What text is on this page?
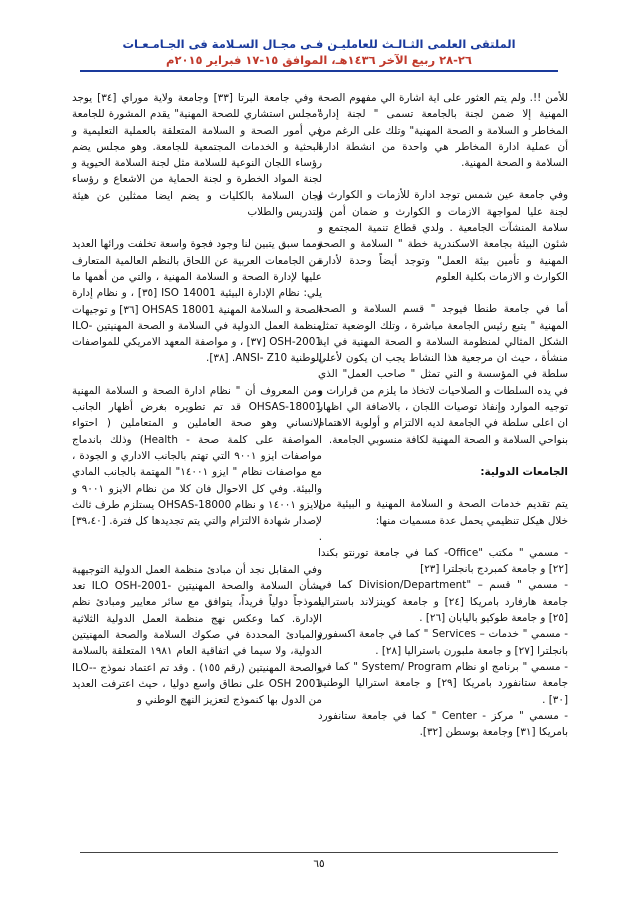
الملتقى العلمى الثـالـث للعامليـن فـى مجـال السـلامة فى الجـامـعـات
٢٦-٢٨ ربيع الآخر ١٤٣٦هـ، الموافق ١٥-١٧ فبراير ٢٠١٥م

للأمن !!. ولم يتم العثور على اية اشارة الي مفهوم الصحة المهنية إلا ضمن لجنة بالجامعة تسمى " لجنة إدارة المخاطر و السلامة و الصحة المهنية" وتلك على الرغم من أن عملية ادارة المخاطر هي واحدة من انشطة ادارة السلامة و الصحة المهنية.

وفي جامعة عين شمس توجد ادارة للأزمات و الكوارث و لجنة عليا لمواجهة الازمات و الكوارث و ضمان أمن و سلامة المنشآت الجامعية . ولدي قطاع تنمية المجتمع و شئون البيئة بجامعة الاسكندرية خطة " السلامة و الصحة المهنية و تأمين بيئة العمل" وتوجد أيضاً وحدة لأدارة الكوارث و الازمات بكلية العلوم

أما في جامعة طنطا فيوجد " قسم السلامة و الصحة المهنية " يتبع رئيس الجامعة مباشرة ، وتلك الوضعية تمثل الشكل المثالي لمنظومة السلامة و الصحة المهنية في اية منشأة ، حيث ان مرجعية هذا النشاط يجب ان يكون لأعلي سلطة في المؤسسة و التي تمثل " صاحب العمل" الذي في يده السلطات و الصلاحيات لاتخاذ ما يلزم من قرارات و توجيه الموارد وإنفاذ توصيات اللجان ، بالاضافة الي اظهار ان اعلى سلطة في الجامعة لديه الالتزام و أولوية الاهتمام بنواحي السلامة و الصحة المهنية لكافة منسوبي الجامعة.

الجامعات الدولية:

يتم تقديم خدمات الصحة و السلامة المهنية و البيئية من خلال هيكل تنظيمي يحمل عدة مسميات منها:

- مسمي " مكتب "Office- كما في جامعة تورنتو بكندا [٢٢] و جامعة كمبردج بانجلترا [٢٣]

- مسمي " قسم – "Division/Department كما في جامعة هارفارد بامريكا [٢٤] و جامعة كوينزلاند باستراليا [٢٥] و جامعة طوكيو باليابان [٢٦] .

- مسمي " خدمات – Services " كما في جامعة اكسفورد بانجلترا [٢٧] و جامعة ملبورن باستراليا [٢٨] .

- مسمي " برنامج او نظام System/ Program " كما في جامعة ستانفورد بامريكا [٢٩] و جامعة استراليا الوطنية [٣٠] .

- مسمي " مركز - Center " كما في جامعة ستانفورد بامريكا [٣١] وجامعة بوسطن [٣٢].

- وفي جامعة البرتا [٣٣] وجامعة ولاية موراي [٣٤] يوجد "مجلس استشاري للصحة المهنية" يقدم المشورة للجامعة في أمور الصحة و السلامة المتعلقة بالعملية التعليمية و البحثية و الخدمات المجتمعية للجامعة. وهو مجلس يضم رؤساء اللجان النوعية للسلامة مثل لجنة السلامة الحيوية و لجنة المواد الخطرة و لجنة الحماية من الاشعاع و رؤساء لجان السلامة بالكليات و يضم ايضا ممثلين عن هيئة التدريس والطلاب

ومما سبق يتبين لنا وجود فجوة واسعة تخلفت ورائها العديد من الجامعات العربية عن اللحاق بالنظم العالمية المتعارف عليها لإدارة الصحة و السلامة المهنية ، والتي من أهمها ما يلي: نظام الإدارة البيئية ISO 14001 [٣٥] ، و نظام إدارة الصحة و السلامة المهنية OHSAS 18001 [٣٦] و توجيهات منظمة العمل الدولية في السلامة و الصحة المهنيتين -ILO OSH-2001 [٣٧] ، و مواصفة المعهد الامريكي للمواصفات الوطنية ANSI- Z10. [٣٨].

ومن المعروف أن " نظام ادارة الصحة و السلامة المهنية OHSAS-18001 قد تم تطويره بغرض أظهار الجانب الانساني وهو صحة العاملين و المتعاملين ( احتواء المواصفة على كلمة صحة - Health) وذلك باندماج مواصفات ايزو ٩٠٠١ التي تهتم بالجانب الاداري و الجودة ، مع مواصفات نظام " ايزو ١٤٠٠١" المهتمة بالجانب المادي والبيئة. وفي كل الاحوال فان كلا من نظام الايزو ٩٠٠١ و الايزو ١٤٠٠١ و نظام 18000-OHSAS يستلزم طرف ثالث لإصدار شهادة الالتزام والتي يتم تجديدها كل فترة. [٣٩،٤٠] .

وفي المقابل نجد أن مبادئ منظمة العمل الدولية التوجيهية بشأن السلامة والصحة المهنيتين -ILO OSH-2001 تعد نموذجاً دولياً فريداً، يتوافق مع سائر معايير ومبادئ نظم الإدارة. كما وعكس نهج منظمة العمل الدولية الثلاثية والمبادئ المحددة في صكوك السلامة والصحة المهنيتين الدولية، ولا سيما في اتفاقية العام ١٩٨١ المتعلقة بالسلامة والصحة المهنيتين (رقم ١٥٥) . وقد تم اعتماد نموذج -ILO-OSH 2001 على نطاق واسع دوليا ، حيث اعترفت العديد من الدول بها كنموذج لتعزيز النهج الوطني و

٦٥
